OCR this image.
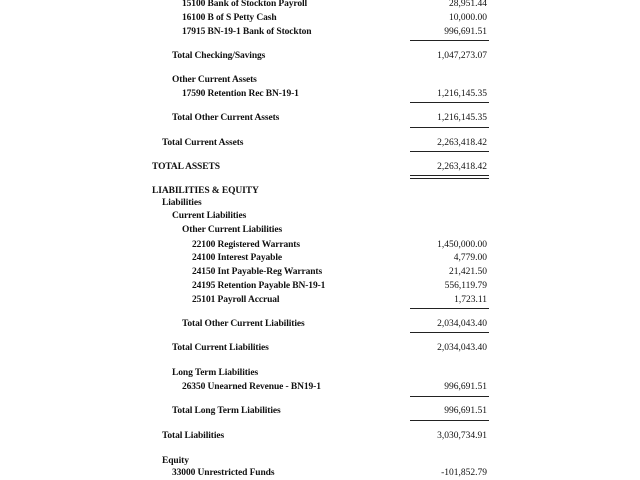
15100 Bank of Stockton Payroll	28,951.44
16100 B of S Petty Cash	10,000.00
17915 BN-19-1 Bank of Stockton	996,691.51
Total Checking/Savings	1,047,273.07
Other Current Assets
17590 Retention Rec BN-19-1	1,216,145.35
Total Other Current Assets	1,216,145.35
Total Current Assets	2,263,418.42
TOTAL ASSETS	2,263,418.42
LIABILITIES & EQUITY
Liabilities
Current Liabilities
Other Current Liabilities
22100 Registered Warrants	1,450,000.00
24100 Interest Payable	4,779.00
24150 Int Payable-Reg Warrants	21,421.50
24195 Retention Payable BN-19-1	556,119.79
25101 Payroll Accrual	1,723.11
Total Other Current Liabilities	2,034,043.40
Total Current Liabilities	2,034,043.40
Long Term Liabilities
26350 Unearned Revenue - BN19-1	996,691.51
Total Long Term Liabilities	996,691.51
Total Liabilities	3,030,734.91
Equity
33000 Unrestricted Funds	-101,852.79
